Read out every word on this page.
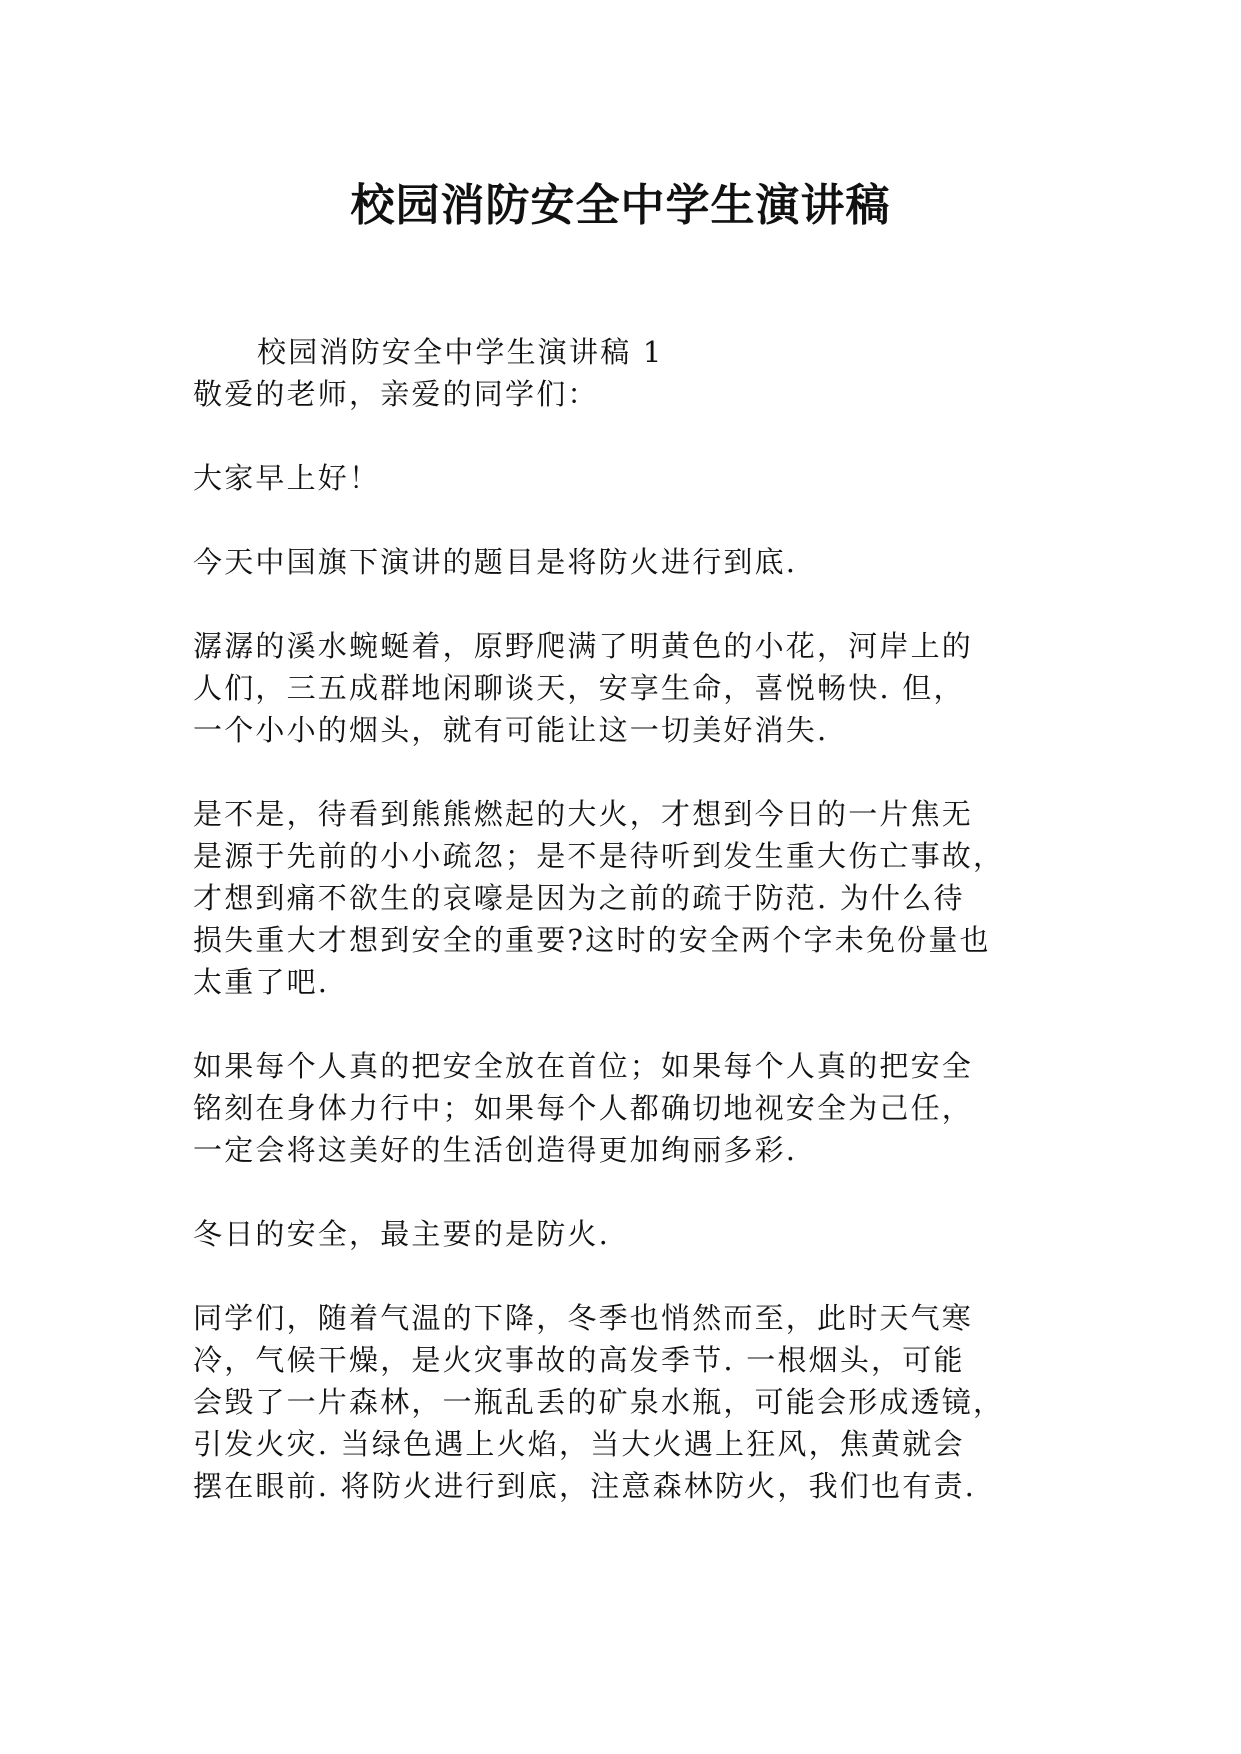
校园消防安全中学生演讲稿
校园消防安全中学生演讲稿 1
敬爱的老师，亲爱的同学们：
大家早上好！
今天中国旗下演讲的题目是将防火进行到底.
潺潺的溪水蜿蜒着，原野爬满了明黄色的小花，河岸上的
人们，三五成群地闲聊谈天，安享生命，喜悦畅快. 但，
一个小小的烟头，就有可能让这一切美好消失.
是不是，待看到熊熊燃起的大火，才想到今日的一片焦无
是源于先前的小小疏忽；是不是待听到发生重大伤亡事故，
才想到痛不欲生的哀嚎是因为之前的疏于防范. 为什么待
损失重大才想到安全的重要?这时的安全两个字未免份量也
太重了吧.
如果每个人真的把安全放在首位；如果每个人真的把安全
铭刻在身体力行中；如果每个人都确切地视安全为己任，
一定会将这美好的生活创造得更加绚丽多彩.
冬日的安全，最主要的是防火.
同学们，随着气温的下降，冬季也悄然而至，此时天气寒
冷，气候干燥，是火灾事故的高发季节. 一根烟头，可能
会毁了一片森林，一瓶乱丢的矿泉水瓶，可能会形成透镜，
引发火灾. 当绿色遇上火焰，当大火遇上狂风，焦黄就会
摆在眼前. 将防火进行到底，注意森林防火，我们也有责.
